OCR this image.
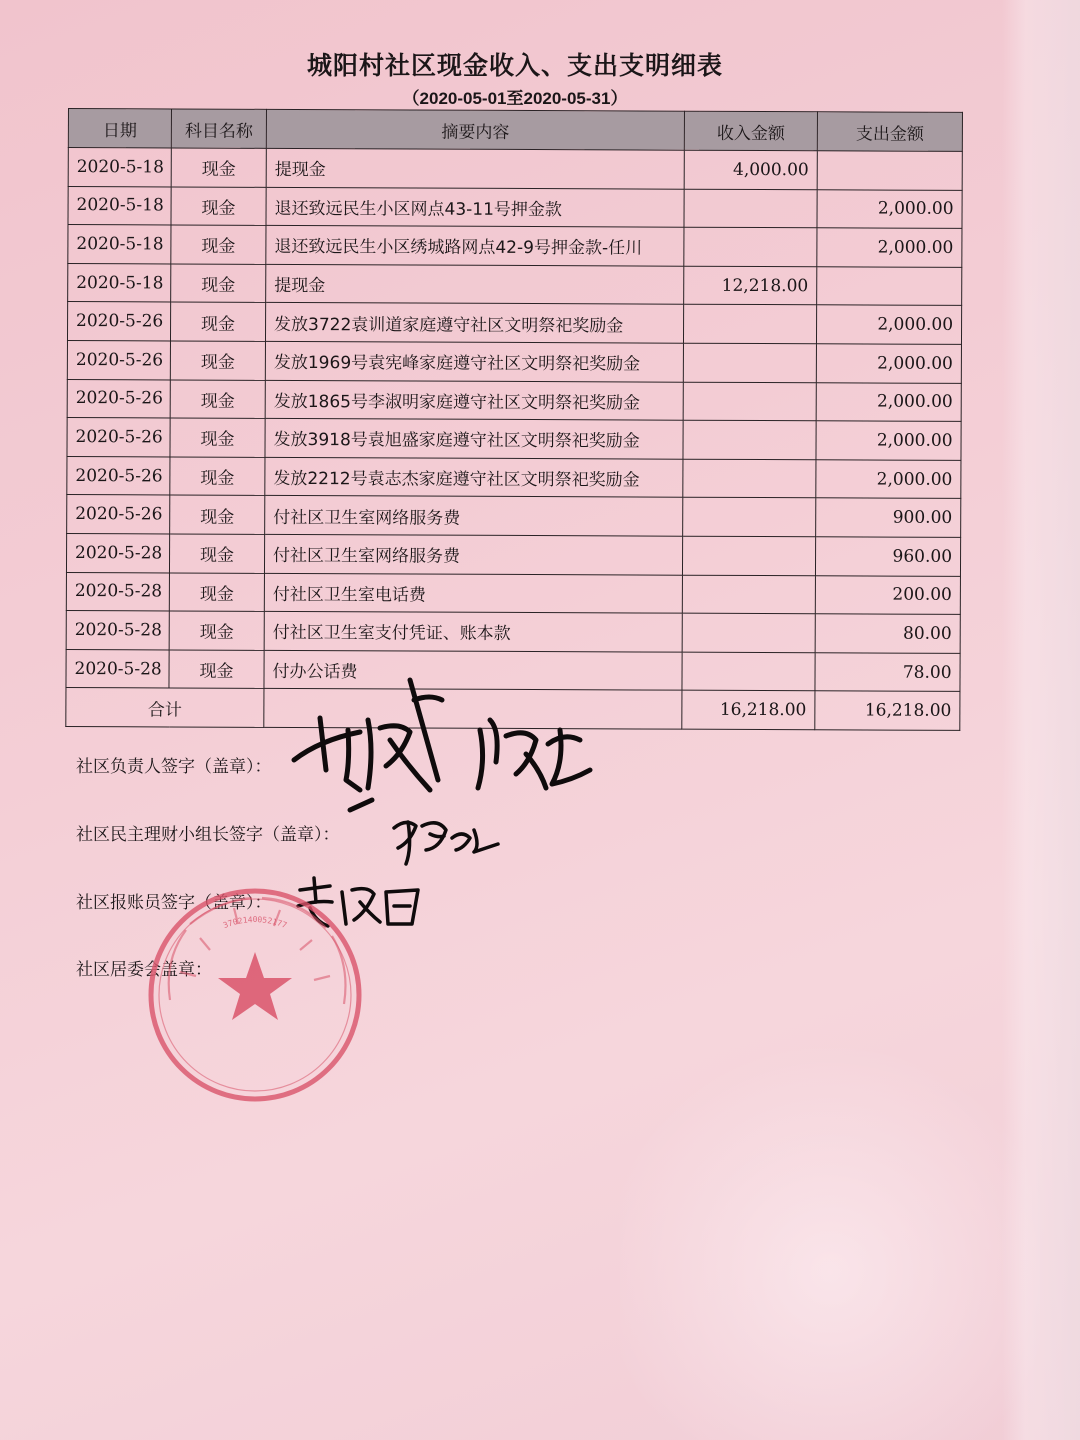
城阳村社区现金收入、支出支明细表
（2020-05-01至2020-05-31）
日期	科目名称	摘要内容	收入金额	支出金额
2020-5-18	现金	提现金	4,000.00	
2020-5-18	现金	退还致远民生小区网点43-11号押金款		2,000.00
2020-5-18	现金	退还致远民生小区绣城路网点42-9号押金款-任川		2,000.00
2020-5-18	现金	提现金	12,218.00	
2020-5-26	现金	发放3722袁训道家庭遵守社区文明祭祀奖励金		2,000.00
2020-5-26	现金	发放1969号袁宪峰家庭遵守社区文明祭祀奖励金		2,000.00
2020-5-26	现金	发放1865号李淑明家庭遵守社区文明祭祀奖励金		2,000.00
2020-5-26	现金	发放3918号袁旭盛家庭遵守社区文明祭祀奖励金		2,000.00
2020-5-26	现金	发放2212号袁志杰家庭遵守社区文明祭祀奖励金		2,000.00
2020-5-26	现金	付社区卫生室网络服务费		900.00
2020-5-28	现金	付社区卫生室网络服务费		960.00
2020-5-28	现金	付社区卫生室电话费		200.00
2020-5-28	现金	付社区卫生室支付凭证、账本款		80.00
2020-5-28	现金	付办公话费		78.00
合计			16,218.00	16,218.00
社区负责人签字（盖章）：
社区民主理财小组长签字（盖章）：
社区报账员签字（盖章）：
社区居委会盖章：
3702140052177
